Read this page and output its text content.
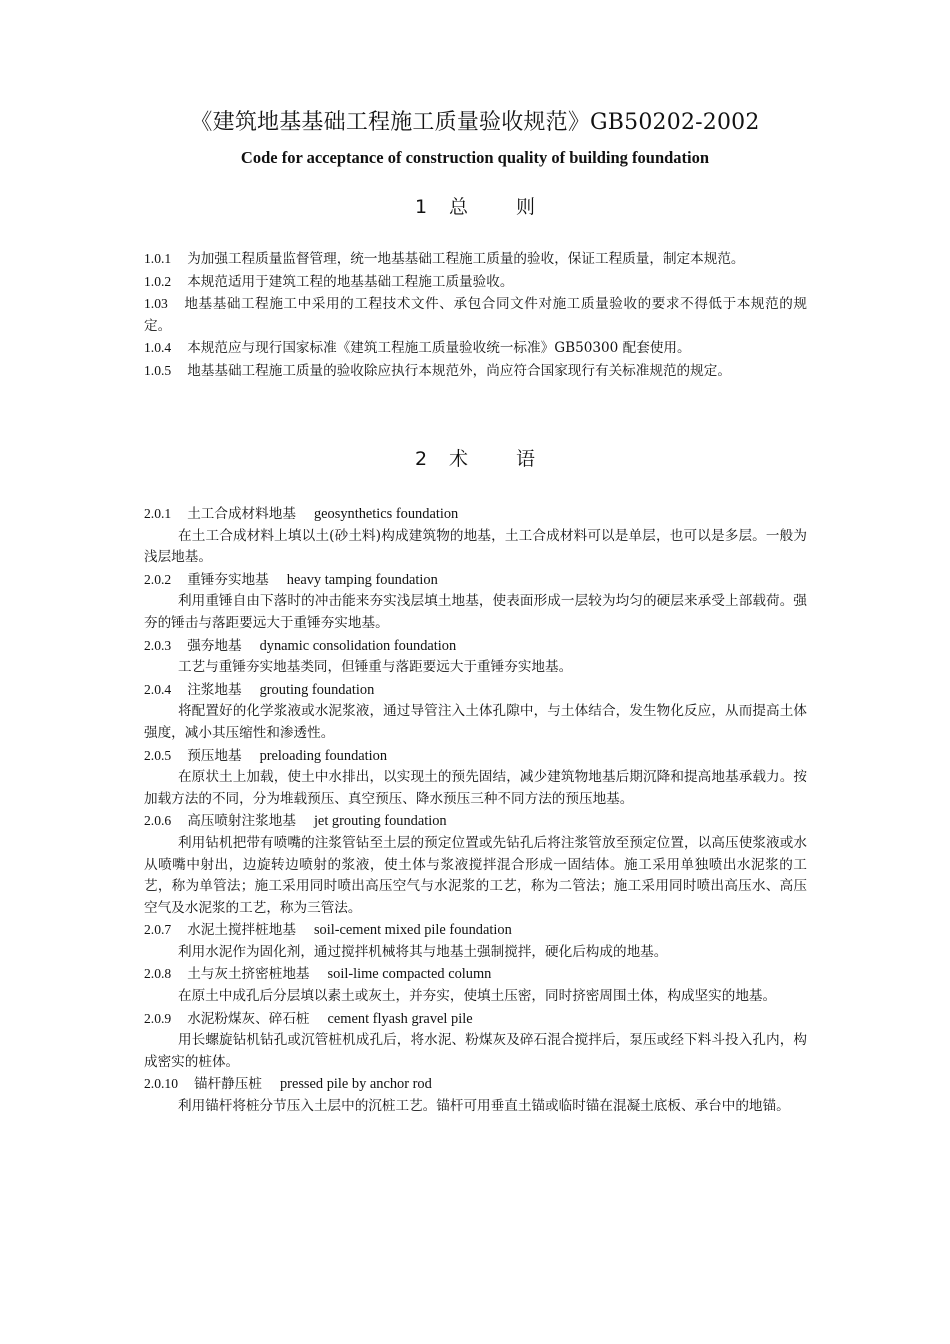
《建筑地基基础工程施工质量验收规范》GB50202-2002
Code for acceptance of construction quality of building foundation
1 总	则

1.0.1 为加强工程质量监督管理，统一地基基础工程施工质量的验收，保证工程质量，制定本规范。

1.0.2 本规范适用于建筑工程的地基基础工程施工质量验收。

1.03 地基基础工程施工中采用的工程技术文件、承包合同文件对施工质量验收的要求不得低于本规范的规定。

1.0.4 本规范应与现行国家标准《建筑工程施工质量验收统一标准》GB50300 配套使用。

1.0.5 地基基础工程施工质量的验收除应执行本规范外，尚应符合国家现行有关标准规范的规定。

2 术	语

2.0.1 土工合成材料地基 geosynthetics foundation

在土工合成材料上填以土(砂土料)构成建筑物的地基，土工合成材料可以是单层，也可以是多层。一般为浅层地基。

2.0.2 重锤夯实地基 heavy tamping foundation

利用重锤自由下落时的冲击能来夯实浅层填土地基，使表面形成一层较为均匀的硬层来承受上部载荷。强夯的锤击与落距要远大于重锤夯实地基。

2.0.3 强夯地基 dynamic consolidation foundation

工艺与重锤夯实地基类同，但锤重与落距要远大于重锤夯实地基。

2.0.4 注浆地基 grouting foundation

将配置好的化学浆液或水泥浆液，通过导管注入土体孔隙中，与土体结合，发生物化反应，从而提高土体强度，减小其压缩性和渗透性。

2.0.5 预压地基 preloading foundation

在原状土上加载，使土中水排出，以实现土的预先固结，减少建筑物地基后期沉降和提高地基承载力。按加载方法的不同，分为堆载预压、真空预压、降水预压三种不同方法的预压地基。

2.0.6 高压喷射注浆地基 jet grouting foundation

利用钻机把带有喷嘴的注浆管钻至土层的预定位置或先钻孔后将注浆管放至预定位置，以高压使浆液或水从喷嘴中射出，边旋转边喷射的浆液，使土体与浆液搅拌混合形成一固结体。施工采用单独喷出水泥浆的工艺，称为单管法；施工采用同时喷出高压空气与水泥浆的工艺，称为二管法；施工采用同时喷出高压水、高压空气及水泥浆的工艺，称为三管法。

2.0.7 水泥土搅拌桩地基 soil-cement mixed pile foundation

利用水泥作为固化剂，通过搅拌机械将其与地基土强制搅拌，硬化后构成的地基。

2.0.8 土与灰土挤密桩地基 soil-lime compacted column

在原土中成孔后分层填以素土或灰土，并夯实，使填土压密，同时挤密周围土体，构成坚实的地基。

2.0.9 水泥粉煤灰、碎石桩 cement flyash gravel pile

用长螺旋钻机钻孔或沉管桩机成孔后，将水泥、粉煤灰及碎石混合搅拌后，泵压或经下料斗投入孔内，构成密实的桩体。

2.0.10 锚杆静压桩 pressed pile by anchor rod

利用锚杆将桩分节压入土层中的沉桩工艺。锚杆可用垂直土锚或临时锚在混凝土底板、承台中的地锚。
